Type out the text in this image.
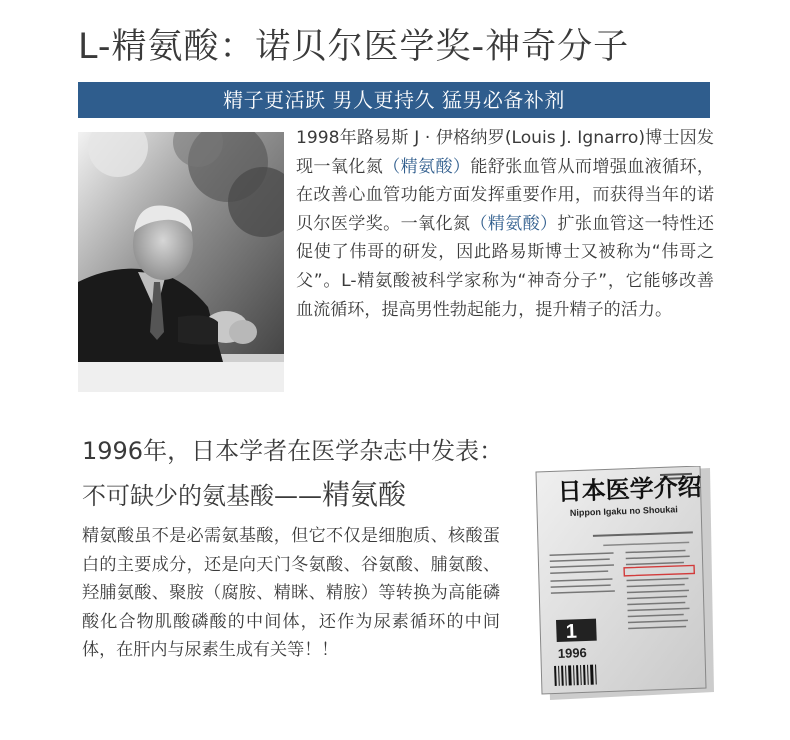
L-精氨酸：诺贝尔医学奖-神奇分子
精子更活跃 男人更持久 猛男必备补剂
1998年路易斯 J · 伊格纳罗(Louis J. Ignarro)博士因发现一氧化氮（精氨酸）能舒张血管从而增强血液循环，在改善心血管功能方面发挥重要作用，而获得当年的诺贝尔医学奖。一氧化氮（精氨酸）扩张血管这一特性还促使了伟哥的研发，因此路易斯博士又被称为“伟哥之父”。L-精氨酸被科学家称为“神奇分子”，它能够改善血流循环，提高男性勃起能力，提升精子的活力。
1996年，日本学者在医学杂志中发表：
不可缺少的氨基酸——精氨酸
精氨酸虽不是必需氨基酸，但它不仅是细胞质、核酸蛋白的主要成分，还是向天门冬氨酸、谷氨酸、脯氨酸、羟脯氨酸、聚胺（腐胺、精眯、精胺）等转换为高能磷酸化合物肌酸磷酸的中间体，还作为尿素循环的中间体，在肝内与尿素生成有关等！！
日本医学介绍
Nippon Igaku no Shoukai
1
1996
